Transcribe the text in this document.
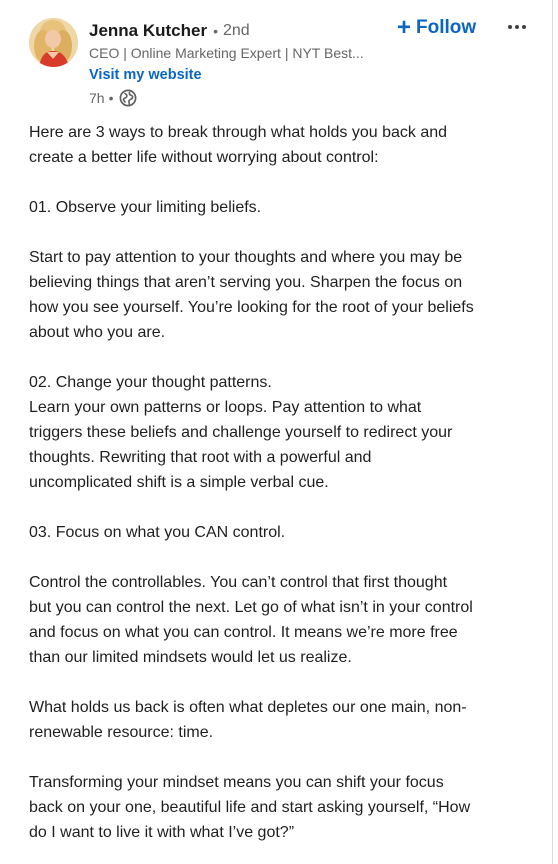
Jenna Kutcher • 2nd
CEO | Online Marketing Expert | NYT Best...
Visit my website
7h •
+ Follow
Here are 3 ways to break through what holds you back and
create a better life without worrying about control:
01. Observe your limiting beliefs.
Start to pay attention to your thoughts and where you may be
believing things that aren’t serving you. Sharpen the focus on
how you see yourself. You’re looking for the root of your beliefs
about who you are.
02. Change your thought patterns.
Learn your own patterns or loops. Pay attention to what
triggers these beliefs and challenge yourself to redirect your
thoughts. Rewriting that root with a powerful and
uncomplicated shift is a simple verbal cue.
03. Focus on what you CAN control.
Control the controllables. You can’t control that first thought
but you can control the next. Let go of what isn’t in your control
and focus on what you can control. It means we’re more free
than our limited mindsets would let us realize.
What holds us back is often what depletes our one main, non-
renewable resource: time.
Transforming your mindset means you can shift your focus
back on your one, beautiful life and start asking yourself, “How
do I want to live it with what I’ve got?”
